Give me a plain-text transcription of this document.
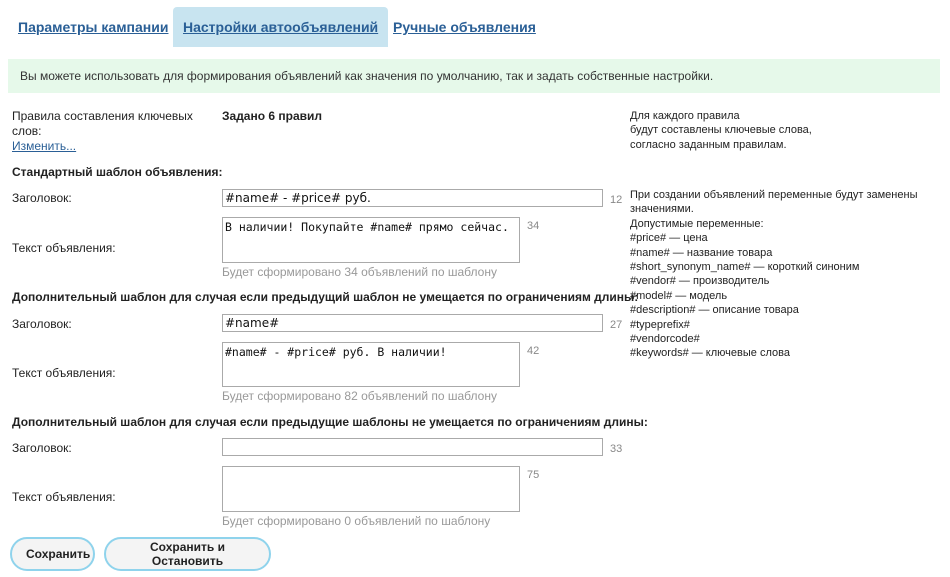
Параметры кампании	Настройки автообъявлений	Ручные объявления
Вы можете использовать для формирования объявлений как значения по умолчанию, так и задать собственные настройки.
Правила составления ключевых
слов:
Изменить...
Задано 6 правил	Для каждого правила
будут составлены ключевые слова,
согласно заданным правилам.
При создании объявлений переменные будут заменены
значениями.
Допустимые переменные:
#price# — цена
#name# — название товара
#short_synonym_name# — короткий синоним
#vendor# — производитель
#model# — модель
#description# — описание товара
#typeprefix#
#vendorcode#
#keywords# — ключевые слова
Стандартный шаблон объявления:
Заголовок:
#name# - #price# руб.	12
Текст объявления:
В наличии! Покупайте #name# прямо сейчас.
34
Будет сформировано 34 объявлений по шаблону
Дополнительный шаблон для случая если предыдущий шаблон не умещается по ограничениям длины:
Заголовок:
#name#	27
Текст объявления:
#name# - #price# руб. В наличии!
42
Будет сформировано 82 объявлений по шаблону
Дополнительный шаблон для случая если предыдущие шаблоны не умещается по ограничениям длины:
Заголовок:	33
Текст объявления:
75
Будет сформировано 0 объявлений по шаблону
Сохранить	Сохранить и Остановить
